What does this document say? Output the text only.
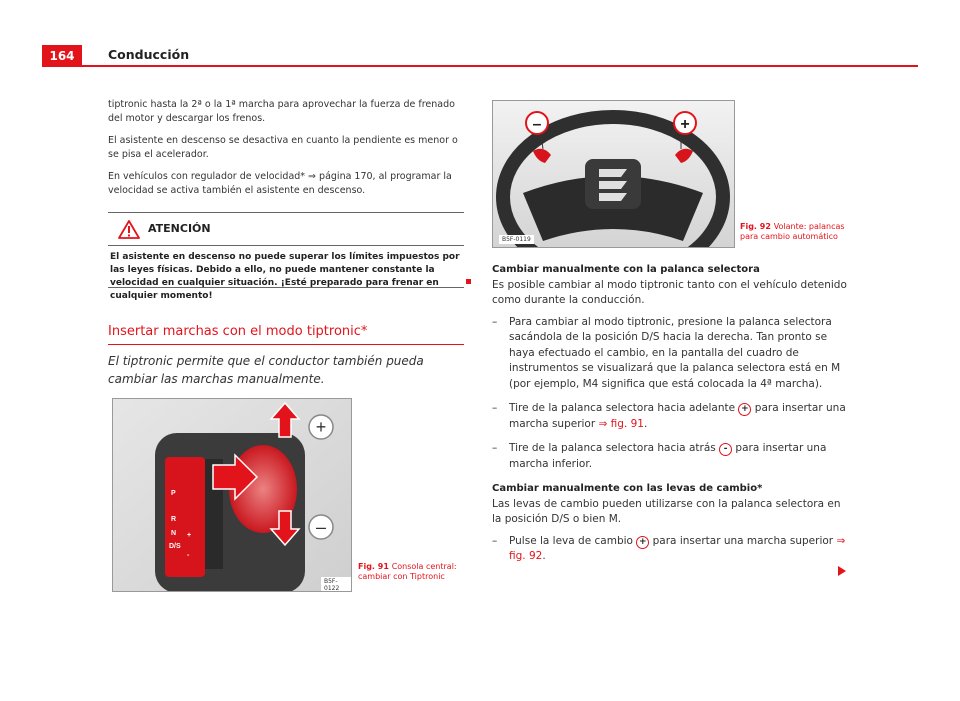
164	Conducción

tiptronic hasta la 2ª o la 1ª marcha para aprovechar la fuerza de frenado del motor y descargar los frenos.

El asistente en descenso se desactiva en cuanto la pendiente es menor o se pisa el acelerador.

En vehículos con regulador de velocidad* ⇒ página 170, al programar la velocidad se activa también el asistente en descenso.

ATENCIÓN
El asistente en descenso no puede superar los límites impuestos por las leyes físicas. Debido a ello, no puede mantener constante la velocidad en cualquier situación. ¡Esté preparado para frenar en cualquier momento!
Insertar marchas con el modo tiptronic*
El tiptronic permite que el conductor también pueda cambiar las marchas manualmente.
+
–
P
R
N
D/S
+
-
B5F-0122
Fig. 91 Consola central: cambiar con Tiptronic
–	+
B5F-0119
Fig. 92 Volante: palancas para cambio automático

Cambiar manualmente con la palanca selectora

Es posible cambiar al modo tiptronic tanto con el vehículo detenido como durante la conducción.

– Para cambiar al modo tiptronic, presione la palanca selectora sacándola de la posición D/S hacia la derecha. Tan pronto se haya efectuado el cambio, en la pantalla del cuadro de instrumentos se visualizará que la palanca selectora está en M (por ejemplo, M4 significa que está colocada la 4ª marcha).
– Tire de la palanca selectora hacia adelante + para insertar una marcha superior ⇒ fig. 91.
– Tire de la palanca selectora hacia atrás - para insertar una marcha inferior.

Cambiar manualmente con las levas de cambio*

Las levas de cambio pueden utilizarse con la palanca selectora en la posición D/S o bien M.

– Pulse la leva de cambio + para insertar una marcha superior ⇒ fig. 92.
